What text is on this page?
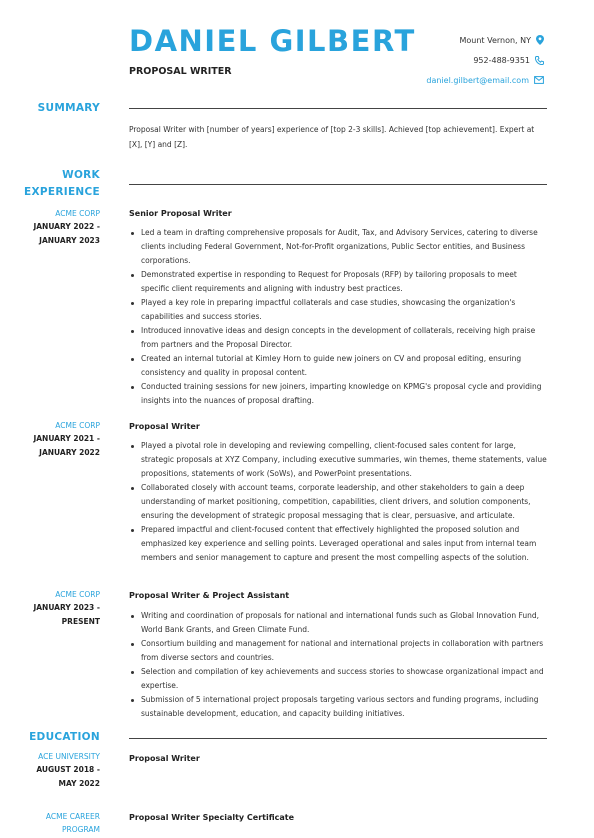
DANIEL GILBERT
PROPOSAL WRITER
Mount Vernon, NY
952-488-9351
daniel.gilbert@email.com
SUMMARY
Proposal Writer with [number of years] experience of [top 2-3 skills]. Achieved [top achievement]. Expert at [X], [Y] and [Z].
WORK
EXPERIENCE
ACME CORP
JANUARY 2022 -
JANUARY 2023
Senior Proposal Writer
Led a team in drafting comprehensive proposals for Audit, Tax, and Advisory Services, catering to diverse clients including Federal Government, Not-for-Profit organizations, Public Sector entities, and Business corporations.
Demonstrated expertise in responding to Request for Proposals (RFP) by tailoring proposals to meet specific client requirements and aligning with industry best practices.
Played a key role in preparing impactful collaterals and case studies, showcasing the organization's capabilities and success stories.
Introduced innovative ideas and design concepts in the development of collaterals, receiving high praise from partners and the Proposal Director.
Created an internal tutorial at Kimley Horn to guide new joiners on CV and proposal editing, ensuring consistency and quality in proposal content.
Conducted training sessions for new joiners, imparting knowledge on KPMG's proposal cycle and providing insights into the nuances of proposal drafting.
ACME CORP
JANUARY 2021 -
JANUARY 2022
Proposal Writer
Played a pivotal role in developing and reviewing compelling, client-focused sales content for large, strategic proposals at XYZ Company, including executive summaries, win themes, theme statements, value propositions, statements of work (SoWs), and PowerPoint presentations.
Collaborated closely with account teams, corporate leadership, and other stakeholders to gain a deep understanding of market positioning, competition, capabilities, client drivers, and solution components, ensuring the development of strategic proposal messaging that is clear, persuasive, and articulate.
Prepared impactful and client-focused content that effectively highlighted the proposed solution and emphasized key experience and selling points. Leveraged operational and sales input from internal team members and senior management to capture and present the most compelling aspects of the solution.
ACME CORP
JANUARY 2023 -
PRESENT
Proposal Writer & Project Assistant
Writing and coordination of proposals for national and international funds such as Global Innovation Fund, World Bank Grants, and Green Climate Fund.
Consortium building and management for national and international projects in collaboration with partners from diverse sectors and countries.
Selection and compilation of key achievements and success stories to showcase organizational impact and expertise.
Submission of 5 international project proposals targeting various sectors and funding programs, including sustainable development, education, and capacity building initiatives.
EDUCATION
ACE UNIVERSITY
AUGUST 2018 -
MAY 2022
Proposal Writer
ACME CAREER
PROGRAM
Proposal Writer Specialty Certificate
